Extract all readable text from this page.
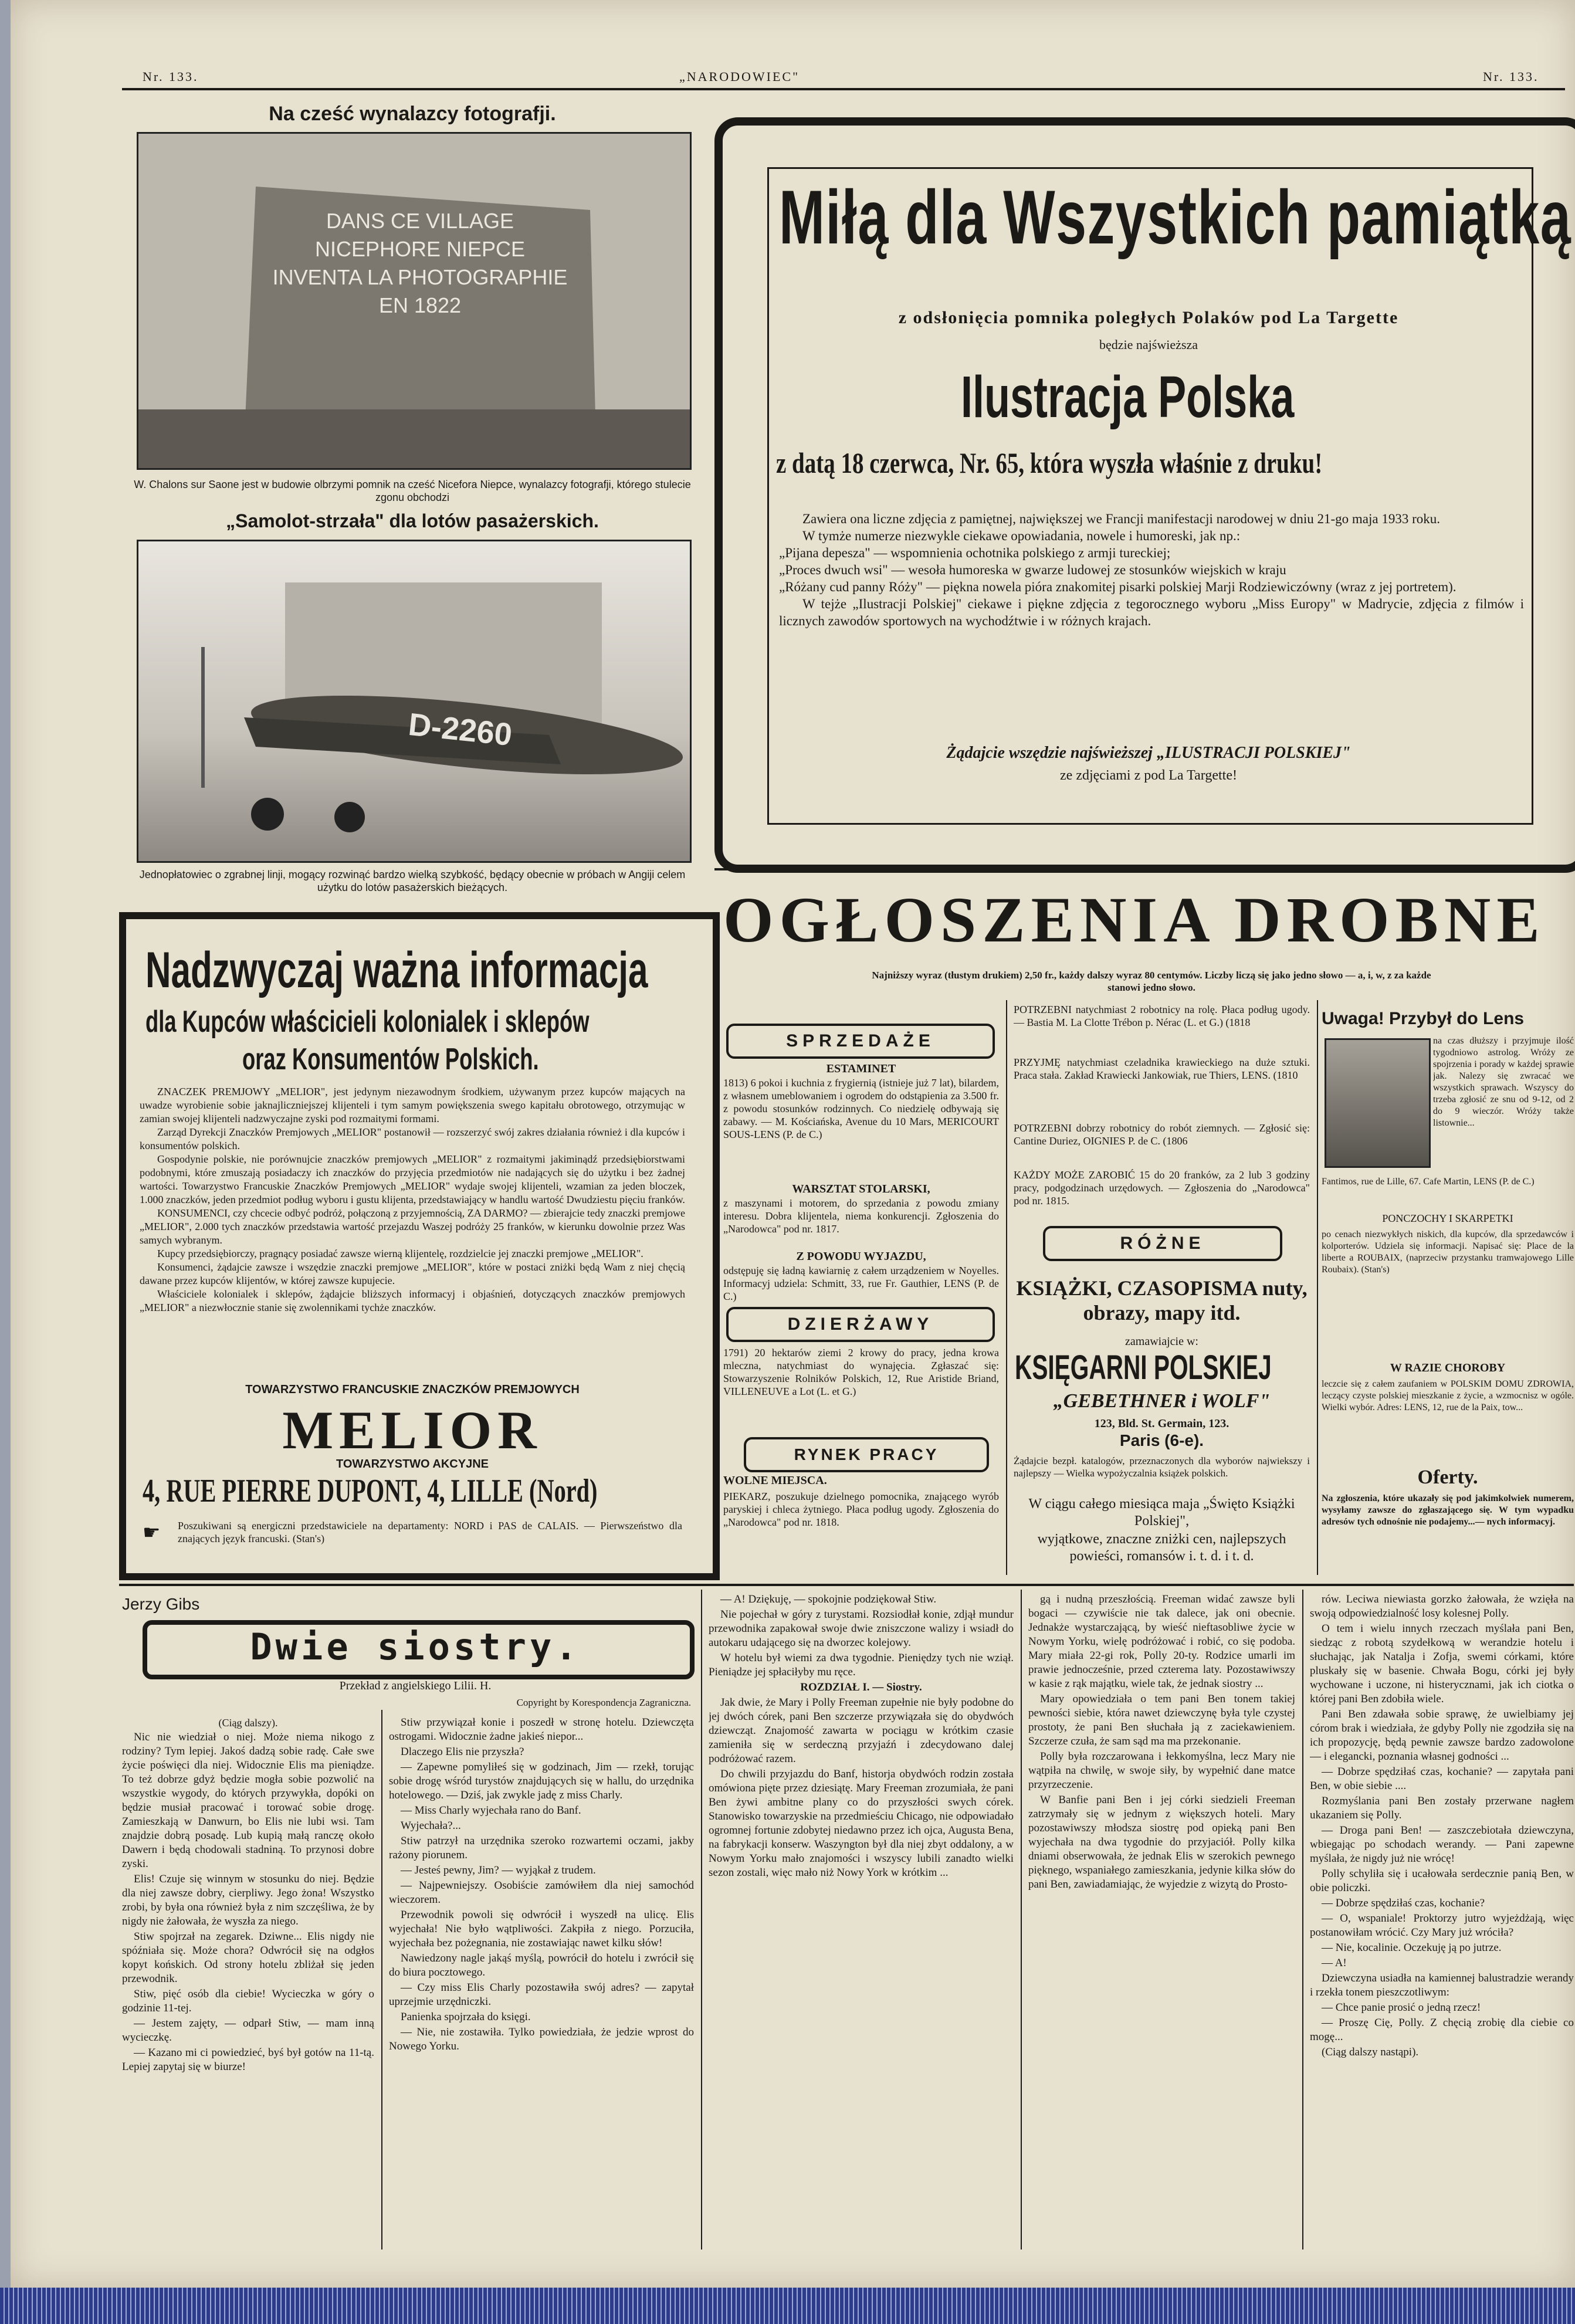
Nr. 133.	„NARODOWIEC"	Nr. 133.
Na cześć wynalazcy fotografji.
DANS CE VILLAGE
NICEPHORE NIEPCE
INVENTA LA PHOTOGRAPHIE EN 1822
W. Chalons sur Saone jest w budowie olbrzymi pomnik na cześć Nicefora Niepce, wynalazcy fotografji, którego stulecie zgonu obchodzi
„Samolot-strzała" dla lotów pasażerskich.
D-2260
Jednopłatowiec o zgrabnej linji, mogący rozwinąć bardzo wielką szybkość, będący obecnie w próbach w Angiji celem użytku do lotów pasażerskich bieżących.
Miłą dla Wszystkich pamiątką
z odsłonięcia pomnika poległych Polaków pod La Targette
będzie najświeższa
Ilustracja Polska
z datą 18 czerwca, Nr. 65, która wyszła właśnie z druku!
Zawiera ona liczne zdjęcia z pamiętnej, największej we Francji manifestacji narodowej w dniu 21-go maja 1933 roku.
W tymże numerze niezwykle ciekawe opowiadania, nowele i humoreski, jak np.:
„Pijana depesza" — wspomnienia ochotnika polskiego z armji tureckiej;
„Proces dwuch wsi" — wesoła humoreska w gwarze ludowej ze stosunków wiejskich w kraju
„Różany cud panny Róży" — piękna nowela pióra znakomitej pisarki polskiej Marji Rodziewiczówny (wraz z jej portretem).
W tejże „Ilustracji Polskiej" ciekawe i piękne zdjęcia z tegorocznego wyboru „Miss Europy" w Madrycie, zdjęcia z filmów i licznych zawodów sportowych na wychodźtwie i w różnych krajach.
Żądajcie wszędzie najświeższej „ILUSTRACJI POLSKIEJ"
ze zdjęciami z pod La Targette!
Nadzwyczaj ważna informacja
dla Kupców właścicieli kolonialek i sklepów
oraz Konsumentów Polskich.
ZNACZEK PREMJOWY „MELIOR", jest jedynym niezawodnym środkiem, używanym przez kupców mających na uwadze wyrobienie sobie jaknajliczniejszej klijenteli i tym samym powiększenia swego kapitału obrotowego, otrzymując w zamian swojej klijenteli nadzwyczajne zyski pod rozmaitymi formami.
Zarząd Dyrekcji Znaczków Premjowych „MELIOR" postanowił — rozszerzyć swój zakres działania również i dla kupców i konsumentów polskich.
Gospodynie polskie, nie porównujcie znaczków premjowych „MELIOR" z rozmaitymi jakiminądź przedsiębiorstwami podobnymi, które zmuszają posiadaczy ich znaczków do przyjęcia przedmiotów nie nadających się do użytku i bez żadnej wartości. Towarzystwo Francuskie Znaczków Premjowych „MELIOR" wydaje swojej klijenteli, wzamian za jeden bloczek, 1.000 znaczków, jeden przedmiot podług wyboru i gustu klijenta, przedstawiający w handlu wartość Dwudziestu pięciu franków.
KONSUMENCI, czy chcecie odbyć podróż, połączoną z przyjemnością, ZA DARMO? — zbierajcie tedy znaczki premjowe „MELIOR", 2.000 tych znaczków przedstawia wartość przejazdu Waszej podróży 25 franków, w kierunku dowolnie przez Was samych wybranym.
Kupcy przedsiębiorczy, pragnący posiadać zawsze wierną klijentelę, rozdzielcie jej znaczki premjowe „MELIOR".
Konsumenci, żądajcie zawsze i wszędzie znaczki premjowe „MELIOR", które w postaci zniżki będą Wam z niej chęcią dawane przez kupców klijentów, w której zawsze kupujecie.
Właściciele kolonialek i sklepów, żądajcie bliższych informacyj i objaśnień, dotyczących znaczków premjowych „MELIOR" a niezwłocznie stanie się zwolennikami tychże znaczków.
TOWARZYSTWO FRANCUSKIE ZNACZKÓW PREMJOWYCH
MELIOR
TOWARZYSTWO AKCYJNE
4, RUE PIERRE DUPONT, 4, LILLE (Nord)
Poszukiwani są energiczni przedstawiciele na departamenty: NORD i PAS de CALAIS. — Pierwszeństwo dla znających język francuski. (Stan's)
☛
OGŁOSZENIA DROBNE
Najniższy wyraz (tłustym drukiem) 2,50 fr., każdy dalszy wyraz 80 centymów. Liczby liczą się jako jedno słowo — a, i, w, z za każde stanowi jedno słowo.
SPRZEDAŻE
ESTAMINET
1813) 6 pokoi i kuchnia z frygiernią (istnieje już 7 lat), bilardem, z własnem umeblowaniem i ogrodem do odstąpienia za 3.500 fr. z powodu stosunków rodzinnych. Co niedzielę odbywają się zabawy. — M. Kościańska, Avenue du 10 Mars, MERICOURT SOUS-LENS (P. de C.)
WARSZTAT STOLARSKI,
z maszynami i motorem, do sprzedania z powodu zmiany interesu. Dobra klijentela, niema konkurencji. Zgłoszenia do „Narodowca" pod nr. 1817.
Z POWODU WYJAZDU,
odstępuję się ładną kawiarnię z całem urządzeniem w Noyelles. Informacyj udziela: Schmitt, 33, rue Fr. Gauthier, LENS (P. de C.)
DZIERŻAWY
1791) 20 hektarów ziemi 2 krowy do pracy, jedna krowa mleczna, natychmiast do wynajęcia. Zgłaszać się: Stowarzyszenie Rolników Polskich, 12, Rue Aristide Briand, VILLENEUVE a Lot (L. et G.)
RYNEK PRACY
WOLNE MIEJSCA.
PIEKARZ, poszukuje dzielnego pomocnika, znającego wyrób paryskiej i chleca żytniego. Płaca podług ugody. Zgłoszenia do „Narodowca" pod nr. 1818.
POTRZEBNI natychmiast 2 robotnicy na rolę. Płaca podług ugody. — Bastia M. La Clotte Trébon p. Nérac (L. et G.) (1818
PRZYJMĘ natychmiast czeladnika krawieckiego na duże sztuki. Praca stała. Zakład Krawiecki Jankowiak, rue Thiers, LENS. (1810
POTRZEBNI dobrzy robotnicy do robót ziemnych. — Zgłosić się: Cantine Duriez, OIGNIES P. de C. (1806
KAŻDY MOŻE ZAROBIĆ 15 do 20 franków, za 2 lub 3 godziny pracy, podgodzinach urzędowych. — Zgłoszenia do „Narodowca" pod nr. 1815.
RÓŻNE
KSIĄŻKI, CZASOPISMA nuty, obrazy, mapy itd.
zamawiajcie w:
KSIĘGARNI POLSKIEJ
„GEBETHNER i WOLF"
123, Bld. St. Germain, 123.
Paris (6-e).
Żądajcie bezpł. katalogów, przeznaczonych dla wyborów najwiekszy i najlepszy — Wielka wypożyczalnia książek polskich.
W ciągu całego miesiąca maja „Święto Książki Polskiej",
wyjątkowe, znaczne zniżki cen, najlepszych powieści, romansów i. t. d. i t. d.
Uwaga! Przybył do Lens
na czas dłuższy i przyjmuje ilość tygodniowo astrolog. Wróży ze spojrzenia i porady w każdej sprawie jak. Nalezy się zwracać we wszystkich sprawach. Wszyscy do trzeba zgłosić ze snu od 9-12, od 2 do 9 wieczór. Wróży także listownie...
Fantimos, rue de Lille, 67. Cafe Martin, LENS (P. de C.)
PONCZOCHY I SKARPETKI
po cenach niezwykłych niskich, dla kupców, dla sprzedawców i kolporterów. Udziela się informacji. Napisać się: Place de la liberte a ROUBAIX, (naprzeciw przystanku tramwajowego Lille Roubaix). (Stan's)
W RAZIE CHOROBY
leczcie się z całem zaufaniem w POLSKIM DOMU ZDROWIA, leczący czyste polskiej mieszkanie z życie, a wzmocnisz w ogóle. Wielki wybór. Adres: LENS, 12, rue de la Paix, tow...
Oferty.
Na zgłoszenia, które ukazały się pod jakimkolwiek numerem, wysyłamy zawsze do zgłaszającego się. W tym wypadku adresów tych odnośnie nie podajemy...— nych informacyj.
Jerzy Gibs
Dwie siostry.
Przekład z angielskiego Lilii. H.
Copyright by Korespondencja Zagraniczna.
(Ciąg dalszy).

Nic nie wiedział o niej. Może niema nikogo z rodziny? Tym lepiej. Jakoś dadzą sobie radę. Całe swe życie poświęci dla niej. Widocznie Elis ma pieniądze. To też dobrze gdyż będzie mogła sobie pozwolić na wszystkie wygody, do których przywykła, dopóki on będzie musiał pracować i torować sobie drogę. Zamieszkają w Danwurn, bo Elis nie lubi wsi. Tam znajdzie dobrą posadę. Lub kupią małą ranczę około Dawern i będą chodowali stadniną. To przynosi dobre zyski.

Elis! Czuje się winnym w stosunku do niej. Będzie dla niej zawsze dobry, cierpliwy. Jego żona! Wszystko zrobi, by była ona również była z nim szczęśliwa, że by nigdy nie żałowała, że wyszła za niego.

Stiw spojrzał na zegarek. Dziwne... Elis nigdy nie spóźniała się. Może chora? Odwrócił się na odgłos kopyt końskich. Od strony hotelu zbliżał się jeden przewodnik.

Stiw, pięć osób dla ciebie! Wycieczka w góry o godzinie 11-tej.

— Jestem zajęty, — odparł Stiw, — mam inną wycieczkę.

— Kazano mi ci powiedzieć, byś był gotów na 11-tą. Lepiej zapytaj się w biurze!

Stiw przywiązał konie i poszedł w stronę hotelu. Dziewczęta ostrogami. Widocznie żadne jakieś niepor...

Dlaczego Elis nie przyszła?

— Zapewne pomyliłeś się w godzinach, Jim — rzekł, torując sobie drogę wśród turystów znajdujących się w hallu, do urzędnika hotelowego. — Dziś, jak zwykle jadę z miss Charly.

— Miss Charly wyjechała rano do Banf.

Wyjechała?...

Stiw patrzył na urzędnika szeroko rozwartemi oczami, jakby rażony piorunem.

— Jesteś pewny, Jim? — wyjąkał z trudem.

— Najpewniejszy. Osobiście zamówiłem dla niej samochód wieczorem.

Przewodnik powoli się odwrócił i wyszedł na ulicę. Elis wyjechała! Nie było wątpliwości. Zakpiła z niego. Porzuciła, wyjechała bez pożegnania, nie zostawiając nawet kilku słów!

Nawiedzony nagle jakąś myślą, powrócił do hotelu i zwrócił się do biura pocztowego.

— Czy miss Elis Charly pozostawiła swój adres? — zapytał uprzejmie urzędniczki.

Panienka spojrzała do księgi.

— Nie, nie zostawiła. Tylko powiedziała, że jedzie wprost do Nowego Yorku.

— A! Dziękuję, — spokojnie podziękował Stiw.

Nie pojechał w góry z turystami. Rozsiodłał konie, zdjął mundur przewodnika zapakował swoje dwie zniszczone walizy i wsiadł do autokaru udającego się na dworzec kolejowy.

W hotelu był wiemi za dwa tygodnie. Pieniędzy tych nie wziął. Pieniądze jej spłaciłyby mu ręce.

ROZDZIAŁ I. — Siostry.

Jak dwie, że Mary i Polly Freeman zupełnie nie były podobne do jej dwóch córek, pani Ben szczerze przywiązała się do obydwóch dziewcząt. Znajomość zawarta w pociągu w krótkim czasie zamieniła się w serdeczną przyjaźń i zdecydowano dalej podróżować razem.

Do chwili przyjazdu do Banf, historja obydwóch rodzin została omówiona pięte przez dziesiątę. Mary Freeman zrozumiała, że pani Ben żywi ambitne plany co do przyszłości swych córek. Stanowisko towarzyskie na przedmieściu Chicago, nie odpowiadało ogromnej fortunie zdobytej niedawno przez ich ojca, Augusta Bena, na fabrykacji konserw. Waszyngton był dla niej zbyt oddalony, a w Nowym Yorku mało znajomości i wszyscy lubili zanadto wielki sezon zostali, więc mało niż Nowy York w krótkim ...

gą i nudną przeszłością. Freeman widać zawsze byli bogaci — czywiście nie tak dalece, jak oni obecnie. Jednakże wystarczającą, by wieść nieftasobliwe życie w Nowym Yorku, wielę podróżować i robić, co się podoba. Mary miała 22-gi rok, Polly 20-ty. Rodzice umarli im prawie jednocześnie, przed czterema laty. Pozostawiwszy w kasie z rąk majątku, wiele tak, że jednak siostry ...

Mary opowiedziała o tem pani Ben tonem takiej pewności siebie, która nawet dziewczynę była tyle czystej prostoty, że pani Ben słuchała ją z zaciekawieniem. Szczerze czuła, że sam sąd ma ma przekonanie.

Polly była rozczarowana i łekkomyślna, lecz Mary nie wątpiła na chwilę, w swoje siły, by wypełnić dane matce przyrzeczenie.

W Banfie pani Ben i jej córki siedzieli Freeman zatrzymały się w jednym z większych hoteli. Mary pozostawiwszy młodsza siostrę pod opieką pani Ben wyjechała na dwa tygodnie do przyjaciół. Polly kilka dniami obserwowała, że jednak Elis w szerokich pewnego pięknego, wspaniałego zamieszkania, jedynie kilka słów do pani Ben, zawiadamiając, że wyjedzie z wizytą do Prosto-

rów. Leciwa niewiasta gorzko żałowała, że wzięła na swoją odpowiedzialność losy kolesnej Polly.

O tem i wielu innych rzeczach myślała pani Ben, siedząc z robotą szydełkową w werandzie hotelu i słuchając, jak Natalja i Zofja, swemi córkami, które pluskały się w basenie. Chwała Bogu, córki jej były wychowane i uczone, ni histerycznami, jak ich ciotka o której pani Ben zdobiła wiele.

Pani Ben zdawała sobie sprawę, że uwielbiamy jej córom brak i wiedziała, że gdyby Polly nie zgodziła się na ich propozycję, będą pewnie zawsze bardzo zadowolone — i elegancki, poznania własnej godności ...

— Dobrze spędziłaś czas, kochanie? — zapytała pani Ben, w obie siebie ....

Rozmyślania pani Ben zostały przerwane nagłem ukazaniem się Polly.

— Droga pani Ben! — zaszczebiotała dziewczyna, wbiegając po schodach werandy. — Pani zapewne myślała, że nigdy już nie wrócę!

Polly schyliła się i ucałowała serdecznie panią Ben, w obie policzki.

— Dobrze spędziłaś czas, kochanie?

— O, wspaniale! Proktorzy jutro wyjeżdżają, więc postanowiłam wrócić. Czy Mary już wróciła?

— Nie, kocalinie. Oczekuję ją po jutrze.

— A!

Dziewczyna usiadła na kamiennej balustradzie werandy i rzekła tonem pieszczotliwym:

— Chce panie prosić o jedną rzecz!

— Proszę Cię, Polly. Z chęcią zrobię dla ciebie co mogę...

(Ciąg dalszy nastąpi).
